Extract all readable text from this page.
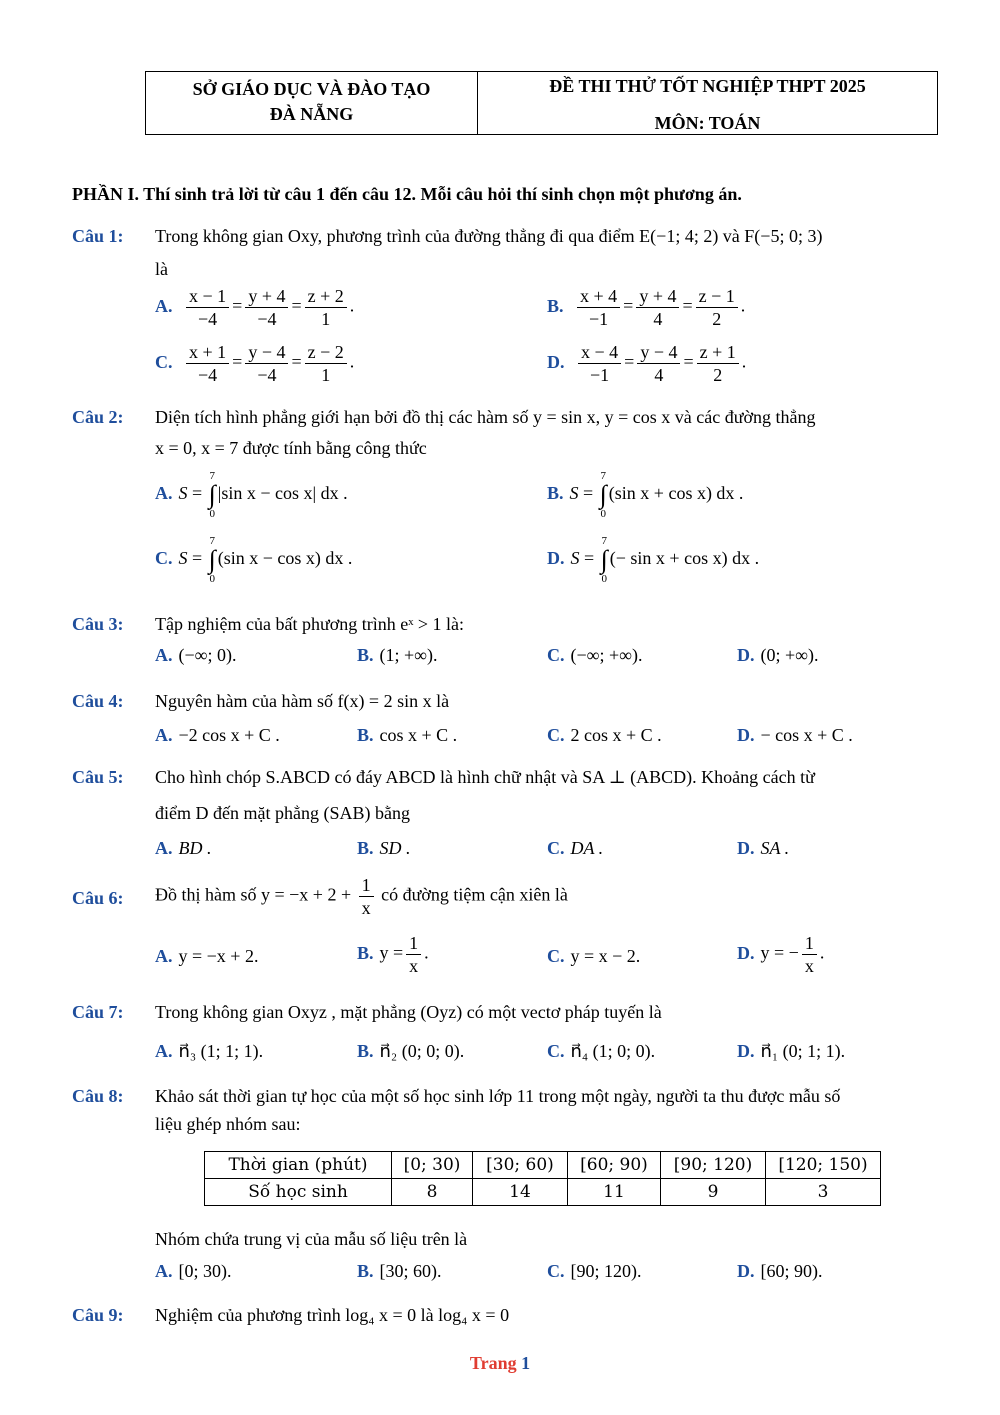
SỞ GIÁO DỤC VÀ ĐÀO TẠO
ĐÀ NẴNG
ĐỀ THI THỬ TỐT NGHIỆP THPT 2025
MÔN: TOÁN
PHẦN I. Thí sinh trả lời từ câu 1 đến câu 12. Mỗi câu hỏi thí sinh chọn một phương án.
Câu 1: Trong không gian Oxy, phương trình của đường thẳng đi qua điểm E(−1; 4; 2) và F(−5; 0; 3)
là
A. $\frac{x - 1}{-4} = \frac{y + 4}{-4} = \frac{z + 2}{1}$ .	B. $\frac{x + 4}{-1} = \frac{y + 4}{4} = \frac{z - 1}{2}$ .
C. $\frac{x + 1}{-4} = \frac{y - 4}{-4} = \frac{z - 2}{1}$ .	D. $\frac{x - 4}{-1} = \frac{y - 4}{4} = \frac{z + 1}{2}$ .
Câu 2: Diện tích hình phẳng giới hạn bởi đồ thị các hàm số y = sin x, y = cos x và các đường thẳng
x = 0, x = 7 được tính bằng công thức
A. S =
7
∫
0
|sin x − cos x| dx .	B. S =
7
∫
0
(sin x + cos x) dx .
C. S =
7
∫
0
(sin x − cos x) dx .	D. S =
7
∫
0
(− sin x + cos x) dx .
Câu 3: Tập nghiệm của bất phương trình eˣ > 1 là:
A. (−∞; 0).	B. (1; +∞).	C. (−∞; +∞).	D. (0; +∞).
Câu 4: Nguyên hàm của hàm số f(x) = 2 sin x là
A. −2 cos x + C .	B. cos x + C .	C. 2 cos x + C .	D. − cos x + C .
Câu 5: Cho hình chóp S.ABCD có đáy ABCD là hình chữ nhật và SA ⊥ (ABCD). Khoảng cách từ
điểm D đến mặt phẳng (SAB) bằng
A. BD .	B. SD .	C. DA .	D. SA .
Câu 6: Đồ thị hàm số $y = -x + 2 + \frac{1}{x}$ có đường tiệm cận xiên là
A. y = −x + 2.	B. $y = \frac{1}{x}$ .	C. y = x − 2.	D. y = − $\frac{1}{x}$ .
Câu 7: Trong không gian Oxyz , mặt phẳng (Oyz) có một vectơ pháp tuyến là
A. n⃗₃ (1; 1; 1).	B. n⃗₂ (0; 0; 0).	C. n⃗₄ (1; 0; 0).	D. n⃗₁ (0; 1; 1).
Câu 8: Khảo sát thời gian tự học của một số học sinh lớp 11 trong một ngày, người ta thu được mẫu số
liệu ghép nhóm sau:
Thời gian (phút)	[0; 30)	[30; 60)	[60; 90)	[90; 120)	[120; 150)
Số học sinh	8	14	11	9	3
Nhóm chứa trung vị của mẫu số liệu trên là
A. [0; 30).	B. [30; 60).	C. [90; 120).	D. [60; 90).
Câu 9: Nghiệm của phương trình log₄ x = 0 là log₄ x = 0
Trang 1
